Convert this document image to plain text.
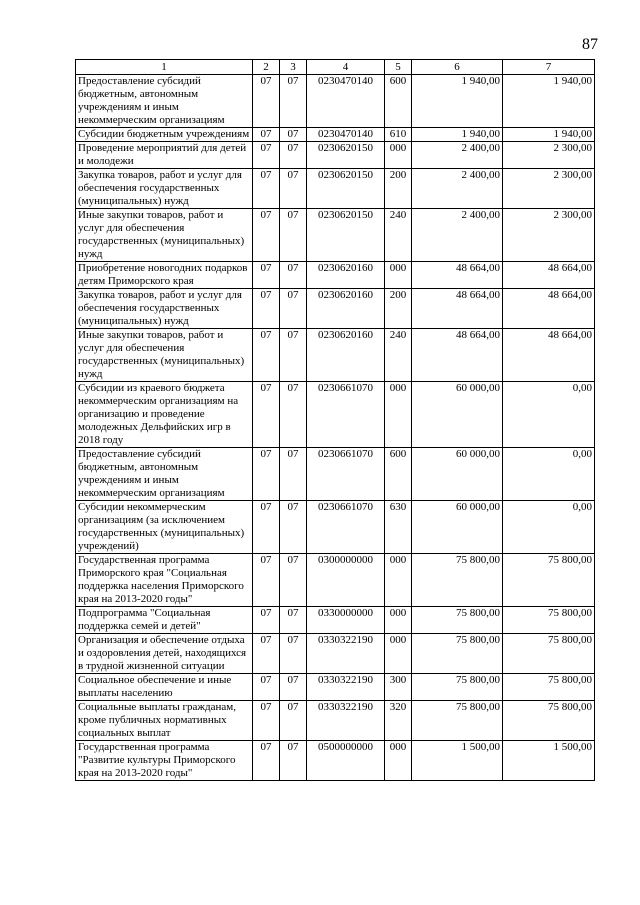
87
1	2	3	4	5	6	7
Предоставление субсидий бюджетным, автономным учреждениям и иным некоммерческим организациям	07	07	0230470140	600	1 940,00	1 940,00
Субсидии бюджетным учреждениям	07	07	0230470140	610	1 940,00	1 940,00
Проведение мероприятий для детей и молодежи	07	07	0230620150	000	2 400,00	2 300,00
Закупка товаров, работ и услуг для обеспечения государственных (муниципальных) нужд	07	07	0230620150	200	2 400,00	2 300,00
Иные закупки товаров, работ и услуг для обеспечения государственных (муниципальных) нужд	07	07	0230620150	240	2 400,00	2 300,00
Приобретение новогодних подарков детям Приморского края	07	07	0230620160	000	48 664,00	48 664,00
Закупка товаров, работ и услуг для обеспечения государственных (муниципальных) нужд	07	07	0230620160	200	48 664,00	48 664,00
Иные закупки товаров, работ и услуг для обеспечения государственных (муниципальных) нужд	07	07	0230620160	240	48 664,00	48 664,00
Субсидии из краевого бюджета некоммерческим организациям на организацию и проведение молодежных Дельфийских игр в 2018 году	07	07	0230661070	000	60 000,00	0,00
Предоставление субсидий бюджетным, автономным учреждениям и иным некоммерческим организациям	07	07	0230661070	600	60 000,00	0,00
Субсидии некоммерческим организациям (за исключением государственных (муниципальных) учреждений)	07	07	0230661070	630	60 000,00	0,00
Государственная программа Приморского края "Социальная поддержка населения Приморского края на 2013-2020 годы"	07	07	0300000000	000	75 800,00	75 800,00
Подпрограмма "Социальная поддержка семей и детей"	07	07	0330000000	000	75 800,00	75 800,00
Организация и обеспечение отдыха и оздоровления детей, находящихся в трудной жизненной ситуации	07	07	0330322190	000	75 800,00	75 800,00
Социальное обеспечение и иные выплаты населению	07	07	0330322190	300	75 800,00	75 800,00
Социальные выплаты гражданам, кроме публичных нормативных социальных выплат	07	07	0330322190	320	75 800,00	75 800,00
Государственная программа "Развитие культуры Приморского края на 2013-2020 годы"	07	07	0500000000	000	1 500,00	1 500,00
